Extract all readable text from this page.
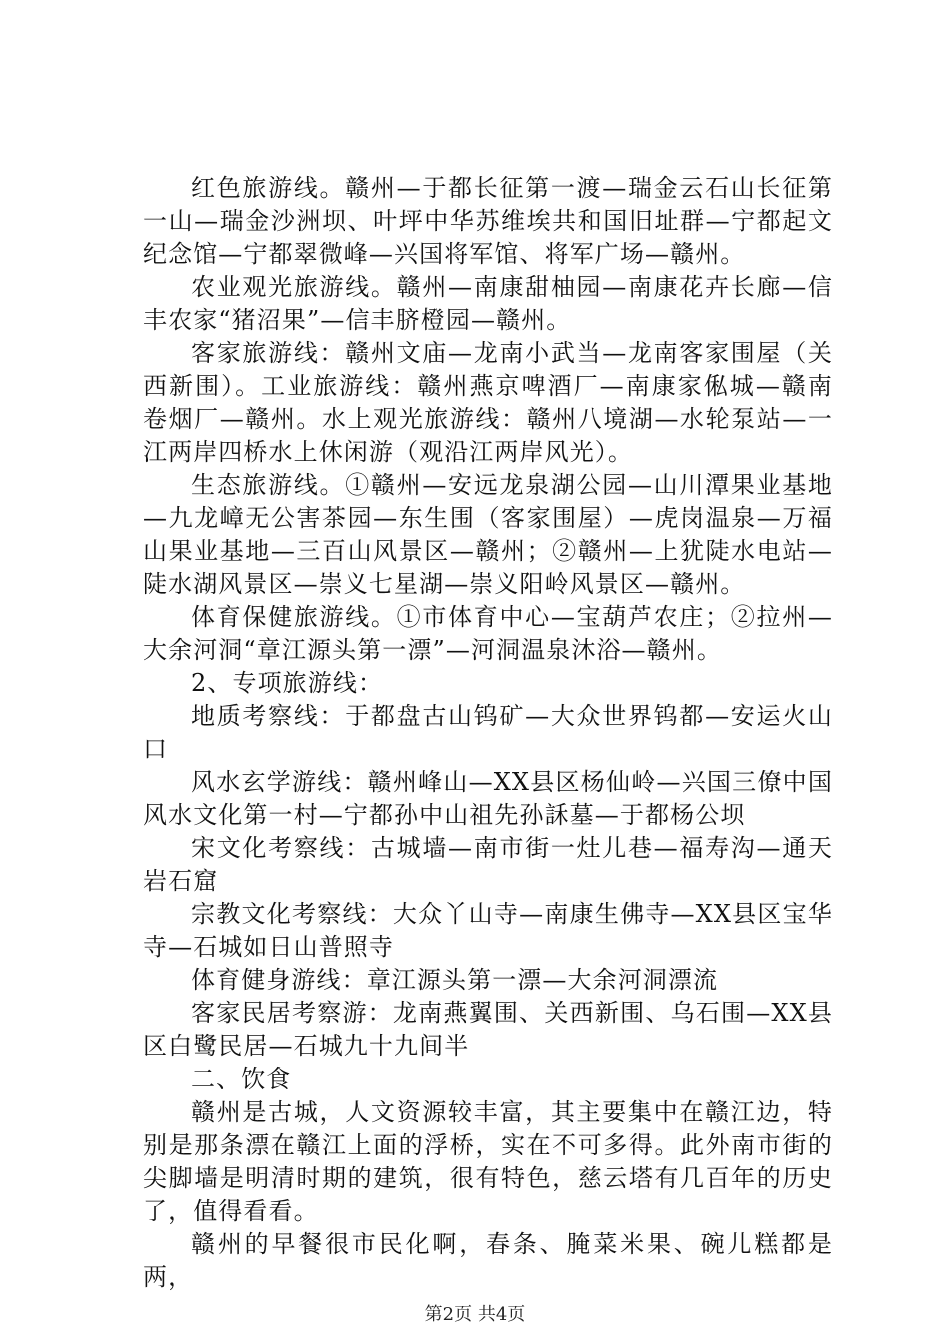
红色旅游线。赣州—于都长征第一渡—瑞金云石山长征第一山—瑞金沙洲坝、叶坪中华苏维埃共和国旧址群—宁都起文纪念馆—宁都翠微峰—兴国将军馆、将军广场—赣州。

农业观光旅游线。赣州—南康甜柚园—南康花卉长廊—信丰农家“猪沼果”—信丰脐橙园—赣州。

客家旅游线：赣州文庙—龙南小武当—龙南客家围屋（关西新围）。工业旅游线：赣州燕京啤酒厂—南康家俬城—赣南卷烟厂—赣州。水上观光旅游线：赣州八境湖—水轮泵站—一江两岸四桥水上休闲游（观沿江两岸风光）。

生态旅游线。①赣州—安远龙泉湖公园—山川潭果业基地—九龙嶂无公害茶园—东生围（客家围屋）—虎岗温泉—万福山果业基地—三百山风景区—赣州；②赣州—上犹陡水电站—陡水湖风景区—崇义七星湖—崇义阳岭风景区—赣州。

体育保健旅游线。①市体育中心—宝葫芦农庄；②拉州—大余河洞“章江源头第一漂”—河洞温泉沐浴—赣州。

2、专项旅游线：

地质考察线：于都盘古山钨矿—大众世界钨都—安运火山口

风水玄学游线：赣州峰山—XX县区杨仙岭—兴国三僚中国风水文化第一村—宁都孙中山祖先孙訸墓—于都杨公坝

宋文化考察线：古城墙—南市街一灶儿巷—福寿沟—通天岩石窟

宗教文化考察线：大众丫山寺—南康生佛寺—XX县区宝华寺—石城如日山普照寺

体育健身游线：章江源头第一漂—大余河洞漂流

客家民居考察游：龙南燕翼围、关西新围、乌石围—XX县区白鹭民居—石城九十九间半

二、饮食

赣州是古城，人文资源较丰富，其主要集中在赣江边，特别是那条漂在赣江上面的浮桥，实在不可多得。此外南市街的尖脚墙是明清时期的建筑，很有特色，慈云塔有几百年的历史了，值得看看。

赣州的早餐很市民化啊，春条、腌菜米果、碗儿糕都是两，

第2页 共4页
